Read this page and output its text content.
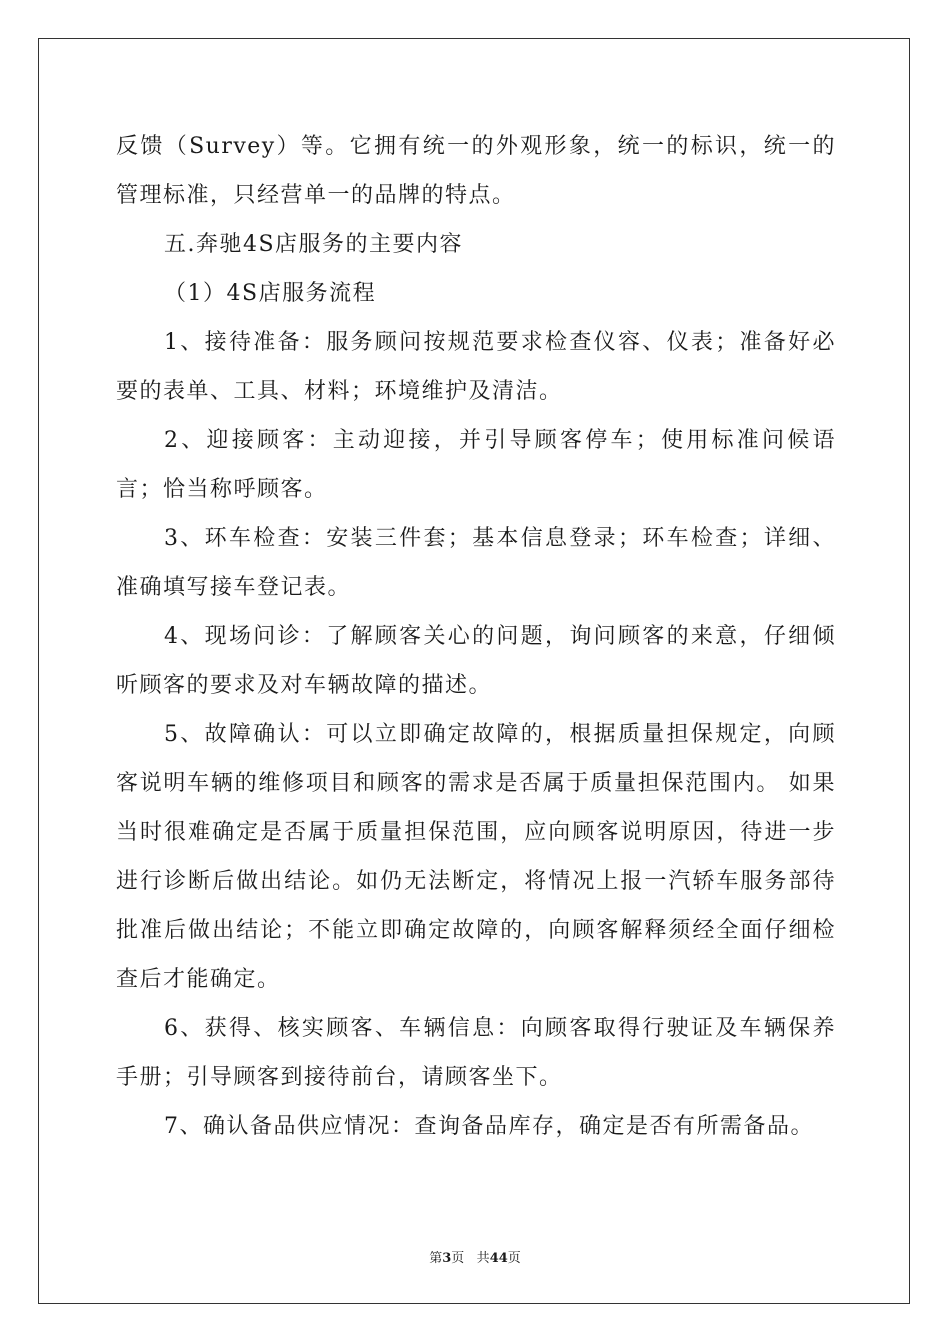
反馈（Survey）等。它拥有统一的外观形象，统一的标识，统一的管理标准，只经营单一的品牌的特点。

五.奔驰4S店服务的主要内容

（1）4S店服务流程

1、接待准备：服务顾问按规范要求检查仪容、仪表；准备好必要的表单、工具、材料；环境维护及清洁。

2、迎接顾客：主动迎接，并引导顾客停车；使用标准问候语言；恰当称呼顾客。

3、环车检查：安装三件套；基本信息登录；环车检查；详细、准确填写接车登记表。

4、现场问诊：了解顾客关心的问题，询问顾客的来意，仔细倾听顾客的要求及对车辆故障的描述。

5、故障确认：可以立即确定故障的，根据质量担保规定，向顾客说明车辆的维修项目和顾客的需求是否属于质量担保范围内。 如果当时很难确定是否属于质量担保范围，应向顾客说明原因，待进一步进行诊断后做出结论。如仍无法断定，将情况上报一汽轿车服务部待批准后做出结论；不能立即确定故障的，向顾客解释须经全面仔细检查后才能确定。

6、获得、核实顾客、车辆信息：向顾客取得行驶证及车辆保养手册；引导顾客到接待前台，请顾客坐下。

7、确认备品供应情况：查询备品库存，确定是否有所需备品。

第3页 共44页
